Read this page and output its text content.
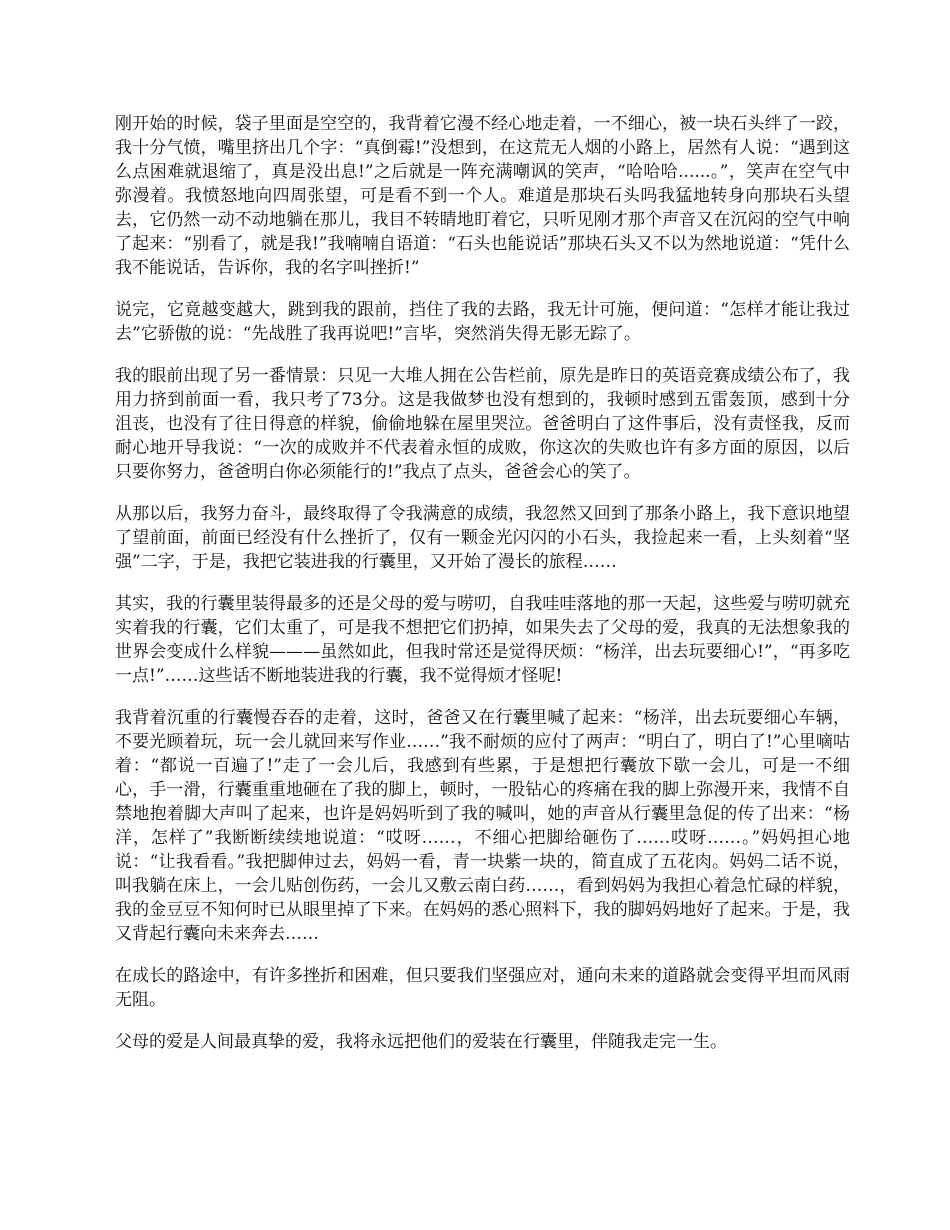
刚开始的时候，袋子里面是空空的，我背着它漫不经心地走着，一不细心，被一块石头绊了一跤，我十分气愤，嘴里挤出几个字：“真倒霉!”没想到，在这荒无人烟的小路上，居然有人说：“遇到这么点困难就退缩了，真是没出息!”之后就是一阵充满嘲讽的笑声，“哈哈哈......。”，笑声在空气中弥漫着。我愤怒地向四周张望，可是看不到一个人。难道是那块石头吗我猛地转身向那块石头望去，它仍然一动不动地躺在那儿，我目不转睛地盯着它，只听见刚才那个声音又在沉闷的空气中响了起来：“别看了，就是我!”我喃喃自语道：“石头也能说话”那块石头又不以为然地说道：“凭什么我不能说话，告诉你，我的名字叫挫折!”

说完，它竟越变越大，跳到我的跟前，挡住了我的去路，我无计可施，便问道：“怎样才能让我过去”它骄傲的说：“先战胜了我再说吧!”言毕，突然消失得无影无踪了。

我的眼前出现了另一番情景：只见一大堆人拥在公告栏前，原先是昨日的英语竞赛成绩公布了，我用力挤到前面一看，我只考了73分。这是我做梦也没有想到的，我顿时感到五雷轰顶，感到十分沮丧，也没有了往日得意的样貌，偷偷地躲在屋里哭泣。爸爸明白了这件事后，没有责怪我，反而耐心地开导我说：“一次的成败并不代表着永恒的成败，你这次的失败也许有多方面的原因，以后只要你努力，爸爸明白你必须能行的!”我点了点头，爸爸会心的笑了。

从那以后，我努力奋斗，最终取得了令我满意的成绩，我忽然又回到了那条小路上，我下意识地望了望前面，前面已经没有什么挫折了，仅有一颗金光闪闪的小石头，我捡起来一看，上头刻着“坚强”二字，于是，我把它装进我的行囊里，又开始了漫长的旅程……

其实，我的行囊里装得最多的还是父母的爱与唠叨，自我哇哇落地的那一天起，这些爱与唠叨就充实着我的行囊，它们太重了，可是我不想把它们扔掉，如果失去了父母的爱，我真的无法想象我的世界会变成什么样貌———虽然如此，但我时常还是觉得厌烦：“杨洋，出去玩要细心!”，“再多吃一点!”……这些话不断地装进我的行囊，我不觉得烦才怪呢!

我背着沉重的行囊慢吞吞的走着，这时，爸爸又在行囊里喊了起来：“杨洋，出去玩要细心车辆，不要光顾着玩，玩一会儿就回来写作业……”我不耐烦的应付了两声：“明白了，明白了!”心里嘀咕着：“都说一百遍了!”走了一会儿后，我感到有些累，于是想把行囊放下歇一会儿，可是一不细心，手一滑，行囊重重地砸在了我的脚上，顿时，一股钻心的疼痛在我的脚上弥漫开来，我情不自禁地抱着脚大声叫了起来，也许是妈妈听到了我的喊叫，她的声音从行囊里急促的传了出来：“杨洋，怎样了”我断断续续地说道：“哎呀……，不细心把脚给砸伤了……哎呀……。”妈妈担心地说：“让我看看。”我把脚伸过去，妈妈一看，青一块紫一块的，简直成了五花肉。妈妈二话不说，叫我躺在床上，一会儿贴创伤药，一会儿又敷云南白药……，看到妈妈为我担心着急忙碌的样貌，我的金豆豆不知何时已从眼里掉了下来。在妈妈的悉心照料下，我的脚妈妈地好了起来。于是，我又背起行囊向未来奔去……

在成长的路途中，有许多挫折和困难，但只要我们坚强应对，通向未来的道路就会变得平坦而风雨无阻。

父母的爱是人间最真挚的爱，我将永远把他们的爱装在行囊里，伴随我走完一生。
